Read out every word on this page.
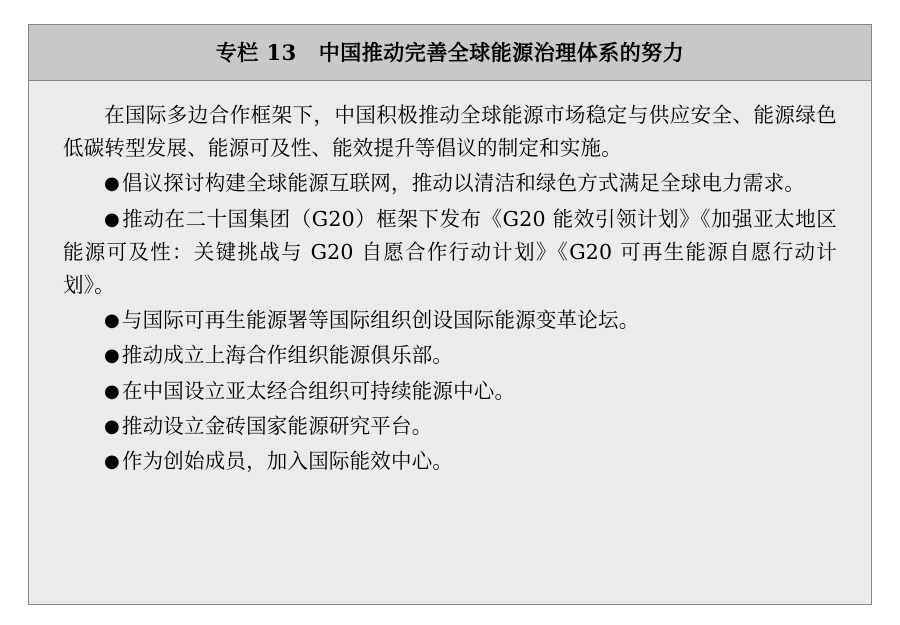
专栏 13 中国推动完善全球能源治理体系的努力

在国际多边合作框架下，中国积极推动全球能源市场稳定与供应安全、能源绿色低碳转型发展、能源可及性、能效提升等倡议的制定和实施。

●倡议探讨构建全球能源互联网，推动以清洁和绿色方式满足全球电力需求。

●推动在二十国集团（G20）框架下发布《G20 能效引领计划》《加强亚太地区能源可及性：关键挑战与 G20 自愿合作行动计划》《G20 可再生能源自愿行动计划》。

●与国际可再生能源署等国际组织创设国际能源变革论坛。

●推动成立上海合作组织能源俱乐部。

●在中国设立亚太经合组织可持续能源中心。

●推动设立金砖国家能源研究平台。

●作为创始成员，加入国际能效中心。
